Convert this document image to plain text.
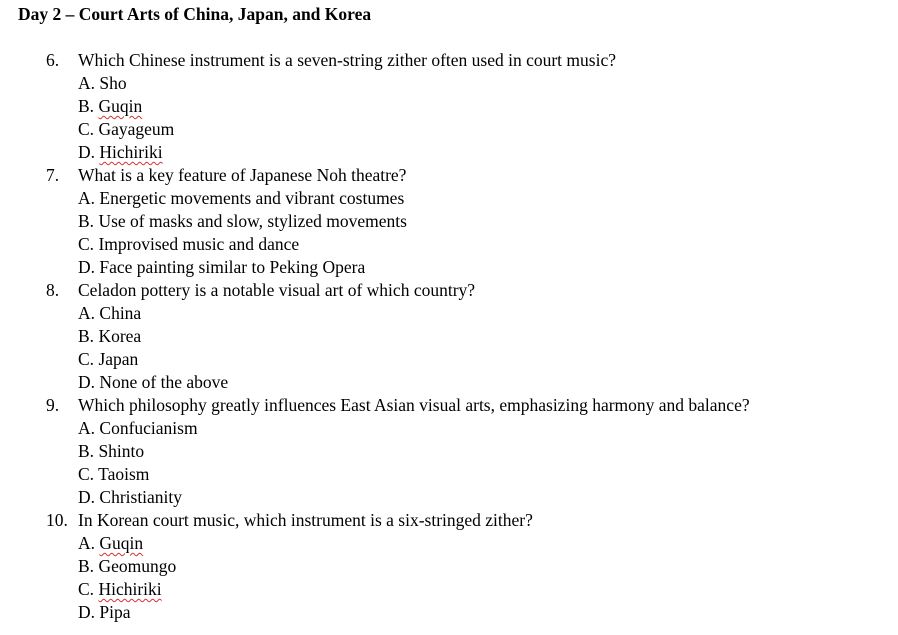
Day 2 – Court Arts of China, Japan, and Korea
6.	Which Chinese instrument is a seven-string zither often used in court music?
A. Sho
B. Guqin
C. Gayageum
D. Hichiriki
7.	What is a key feature of Japanese Noh theatre?
A. Energetic movements and vibrant costumes
B. Use of masks and slow, stylized movements
C. Improvised music and dance
D. Face painting similar to Peking Opera
8.	Celadon pottery is a notable visual art of which country?
A. China
B. Korea
C. Japan
D. None of the above
9.	Which philosophy greatly influences East Asian visual arts, emphasizing harmony and balance?
A. Confucianism
B. Shinto
C. Taoism
D. Christianity
10. In Korean court music, which instrument is a six-stringed zither?
A. Guqin
B. Geomungo
C. Hichiriki
D. Pipa
